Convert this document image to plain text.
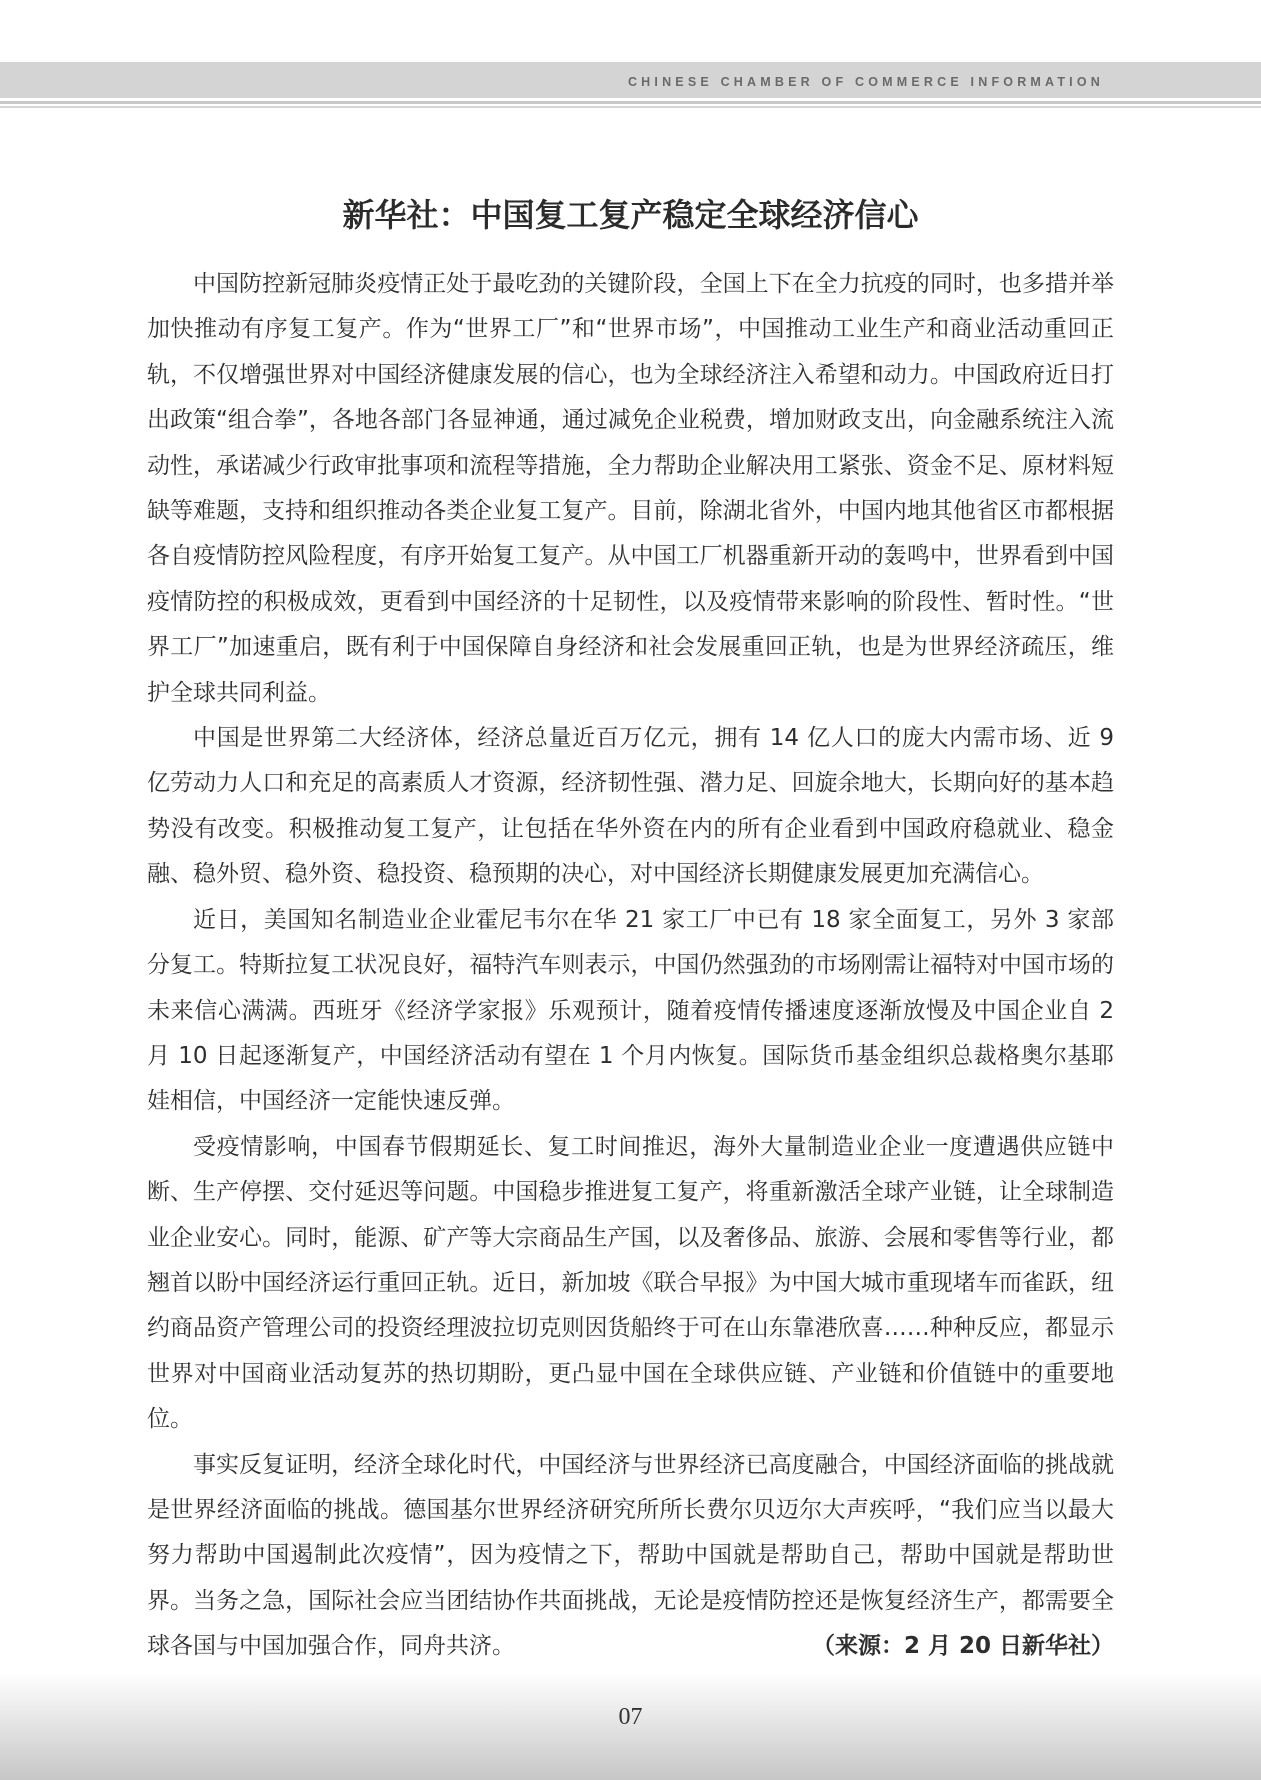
CHINESE CHAMBER OF COMMERCE INFORMATION
新华社：中国复工复产稳定全球经济信心

中国防控新冠肺炎疫情正处于最吃劲的关键阶段，全国上下在全力抗疫的同时，也多措并举加快推动有序复工复产。作为“世界工厂”和“世界市场”，中国推动工业生产和商业活动重回正轨，不仅增强世界对中国经济健康发展的信心，也为全球经济注入希望和动力。中国政府近日打出政策“组合拳”，各地各部门各显神通，通过减免企业税费，增加财政支出，向金融系统注入流动性，承诺减少行政审批事项和流程等措施，全力帮助企业解决用工紧张、资金不足、原材料短缺等难题，支持和组织推动各类企业复工复产。目前，除湖北省外，中国内地其他省区市都根据各自疫情防控风险程度，有序开始复工复产。从中国工厂机器重新开动的轰鸣中，世界看到中国疫情防控的积极成效，更看到中国经济的十足韧性，以及疫情带来影响的阶段性、暂时性。“世界工厂”加速重启，既有利于中国保障自身经济和社会发展重回正轨，也是为世界经济疏压，维护全球共同利益。

中国是世界第二大经济体，经济总量近百万亿元，拥有 14 亿人口的庞大内需市场、近 9 亿劳动力人口和充足的高素质人才资源，经济韧性强、潜力足、回旋余地大，长期向好的基本趋势没有改变。积极推动复工复产，让包括在华外资在内的所有企业看到中国政府稳就业、稳金融、稳外贸、稳外资、稳投资、稳预期的决心，对中国经济长期健康发展更加充满信心。

近日，美国知名制造业企业霍尼韦尔在华 21 家工厂中已有 18 家全面复工，另外 3 家部分复工。特斯拉复工状况良好，福特汽车则表示，中国仍然强劲的市场刚需让福特对中国市场的未来信心满满。西班牙《经济学家报》乐观预计，随着疫情传播速度逐渐放慢及中国企业自 2 月 10 日起逐渐复产，中国经济活动有望在 1 个月内恢复。国际货币基金组织总裁格奥尔基耶娃相信，中国经济一定能快速反弹。

受疫情影响，中国春节假期延长、复工时间推迟，海外大量制造业企业一度遭遇供应链中断、生产停摆、交付延迟等问题。中国稳步推进复工复产，将重新激活全球产业链，让全球制造业企业安心。同时，能源、矿产等大宗商品生产国，以及奢侈品、旅游、会展和零售等行业，都翘首以盼中国经济运行重回正轨。近日，新加坡《联合早报》为中国大城市重现堵车而雀跃，纽约商品资产管理公司的投资经理波拉切克则因货船终于可在山东靠港欣喜……种种反应，都显示世界对中国商业活动复苏的热切期盼，更凸显中国在全球供应链、产业链和价值链中的重要地位。

事实反复证明，经济全球化时代，中国经济与世界经济已高度融合，中国经济面临的挑战就是世界经济面临的挑战。德国基尔世界经济研究所所长费尔贝迈尔大声疾呼，“我们应当以最大努力帮助中国遏制此次疫情”，因为疫情之下，帮助中国就是帮助自己，帮助中国就是帮助世界。当务之急，国际社会应当团结协作共面挑战，无论是疫情防控还是恢复经济生产，都需要全球各国与中国加强合作，同舟共济。	（来源：2 月 20 日新华社）

07
